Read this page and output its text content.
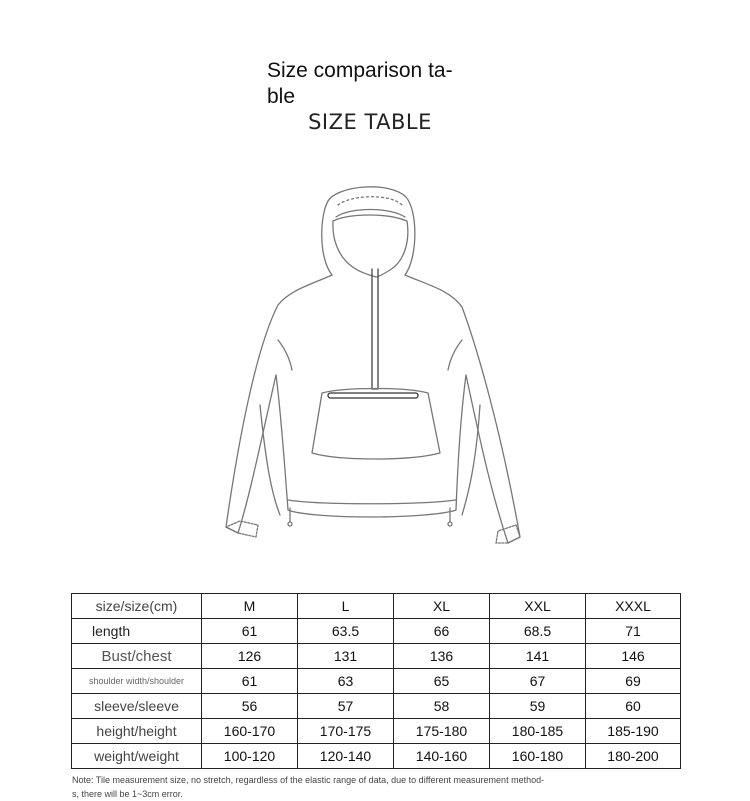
Size comparison ta-
ble
SIZE TABLE
size/size(cm)	M	L	XL	XXL	XXXL
length	61	63.5	66	68.5	71
Bust/chest	126	131	136	141	146
shoulder width/shoulder	61	63	65	67	69
sleeve/sleeve	56	57	58	59	60
height/height	160-170	170-175	175-180	180-185	185-190
weight/weight	100-120	120-140	140-160	160-180	180-200
Note: Tile measurement size, no stretch, regardless of the elastic range of data, due to different measurement method-
s, there will be 1~3cm error.
